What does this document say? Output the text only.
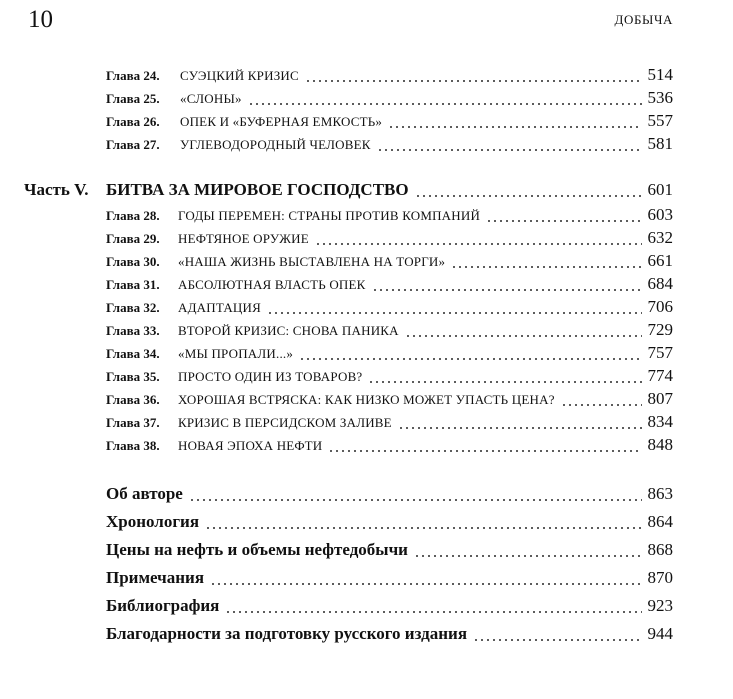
10	ДОБЫЧА
Глава 24. СУЭЦКИЙ КРИЗИС	514
Глава 25. «СЛОНЫ»	536
Глава 26. ОПЕК И «БУФЕРНАЯ ЕМКОСТЬ»	557
Глава 27. УГЛЕВОДОРОДНЫЙ ЧЕЛОВЕК	581
Часть V. БИТВА ЗА МИРОВОЕ ГОСПОДСТВО	601
Глава 28. ГОДЫ ПЕРЕМЕН: СТРАНЫ ПРОТИВ КОМПАНИЙ	603
Глава 29. НЕФТЯНОЕ ОРУЖИЕ	632
Глава 30. «НАША ЖИЗНЬ ВЫСТАВЛЕНА НА ТОРГИ»	661
Глава 31. АБСОЛЮТНАЯ ВЛАСТЬ ОПЕК	684
Глава 32. АДАПТАЦИЯ	706
Глава 33. ВТОРОЙ КРИЗИС: СНОВА ПАНИКА	729
Глава 34. «МЫ ПРОПАЛИ...»	757
Глава 35. ПРОСТО ОДИН ИЗ ТОВАРОВ?	774
Глава 36. ХОРОШАЯ ВСТРЯСКА: КАК НИЗКО МОЖЕТ УПАСТЬ ЦЕНА?	807
Глава 37. КРИЗИС В ПЕРСИДСКОМ ЗАЛИВЕ	834
Глава 38. НОВАЯ ЭПОХА НЕФТИ	848
Об авторе	863
Хронология	864
Цены на нефть и объемы нефтедобычи	868
Примечания	870
Библиография	923
Благодарности за подготовку русского издания	944
